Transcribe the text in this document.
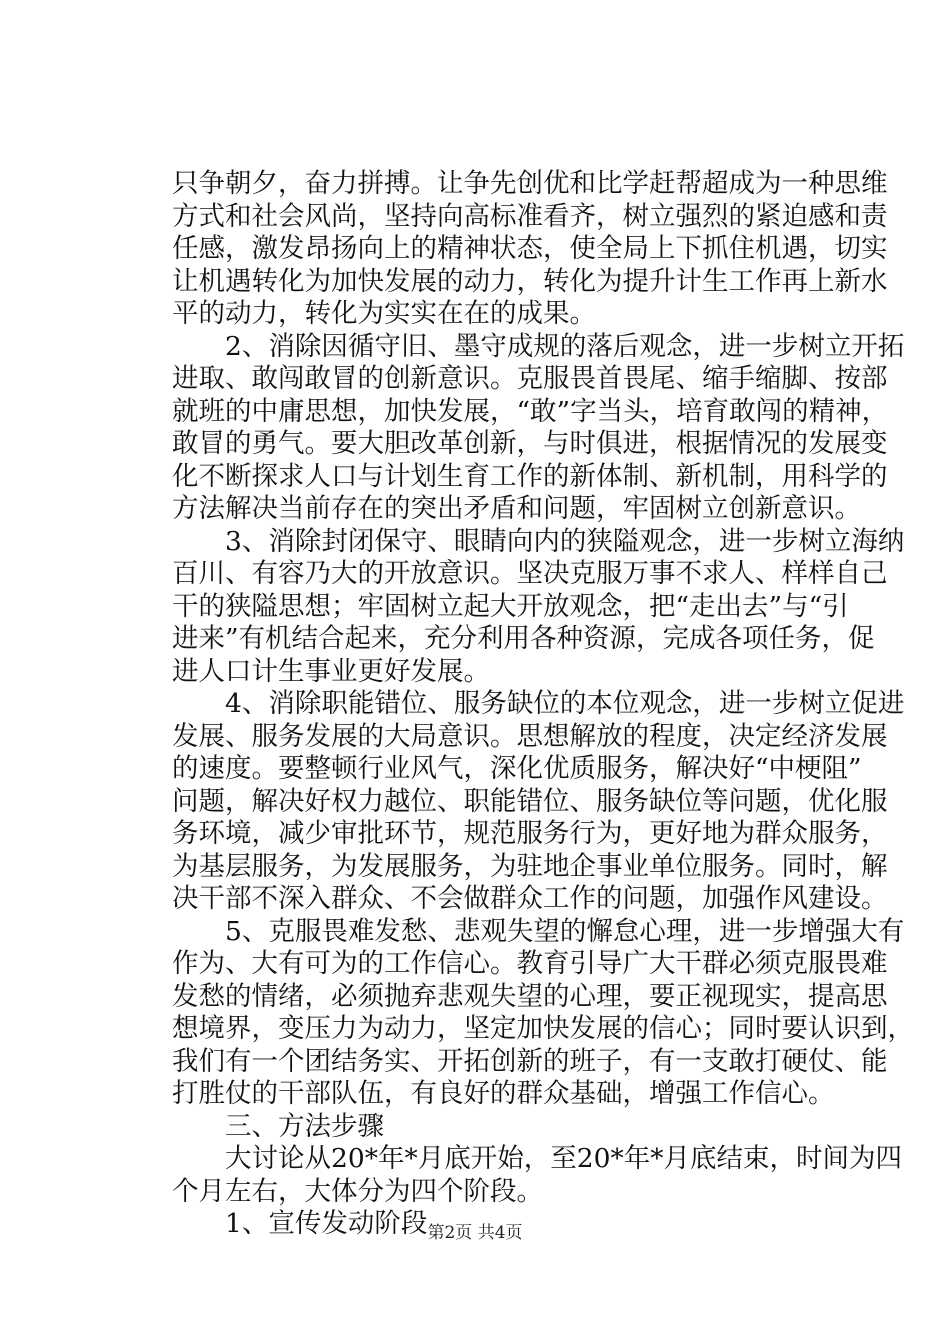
只争朝夕，奋力拼搏。让争先创优和比学赶帮超成为一种思维
方式和社会风尚，坚持向高标准看齐，树立强烈的紧迫感和责
任感，激发昂扬向上的精神状态，使全局上下抓住机遇，切实
让机遇转化为加快发展的动力，转化为提升计生工作再上新水
平的动力，转化为实实在在的成果。
　　2、消除因循守旧、墨守成规的落后观念，进一步树立开拓
进取、敢闯敢冒的创新意识。克服畏首畏尾、缩手缩脚、按部
就班的中庸思想，加快发展，“敢”字当头，培育敢闯的精神，
敢冒的勇气。要大胆改革创新，与时俱进，根据情况的发展变
化不断探求人口与计划生育工作的新体制、新机制，用科学的
方法解决当前存在的突出矛盾和问题，牢固树立创新意识。
　　3、消除封闭保守、眼睛向内的狭隘观念，进一步树立海纳
百川、有容乃大的开放意识。坚决克服万事不求人、样样自己
干的狭隘思想；牢固树立起大开放观念，把“走出去”与“引
进来”有机结合起来，充分利用各种资源，完成各项任务，促
进人口计生事业更好发展。
　　4、消除职能错位、服务缺位的本位观念，进一步树立促进
发展、服务发展的大局意识。思想解放的程度，决定经济发展
的速度。要整顿行业风气，深化优质服务，解决好“中梗阻”
问题，解决好权力越位、职能错位、服务缺位等问题，优化服
务环境，减少审批环节，规范服务行为，更好地为群众服务，
为基层服务，为发展服务，为驻地企事业单位服务。同时，解
决干部不深入群众、不会做群众工作的问题，加强作风建设。
　　5、克服畏难发愁、悲观失望的懈怠心理，进一步增强大有
作为、大有可为的工作信心。教育引导广大干群必须克服畏难
发愁的情绪，必须抛弃悲观失望的心理，要正视现实，提高思
想境界，变压力为动力，坚定加快发展的信心；同时要认识到，
我们有一个团结务实、开拓创新的班子，有一支敢打硬仗、能
打胜仗的干部队伍，有良好的群众基础，增强工作信心。
　　三、方法步骤
　　大讨论从20*年*月底开始，至20*年*月底结束，时间为四
个月左右，大体分为四个阶段。
　　1、宣传发动阶段 第2页 共4页
